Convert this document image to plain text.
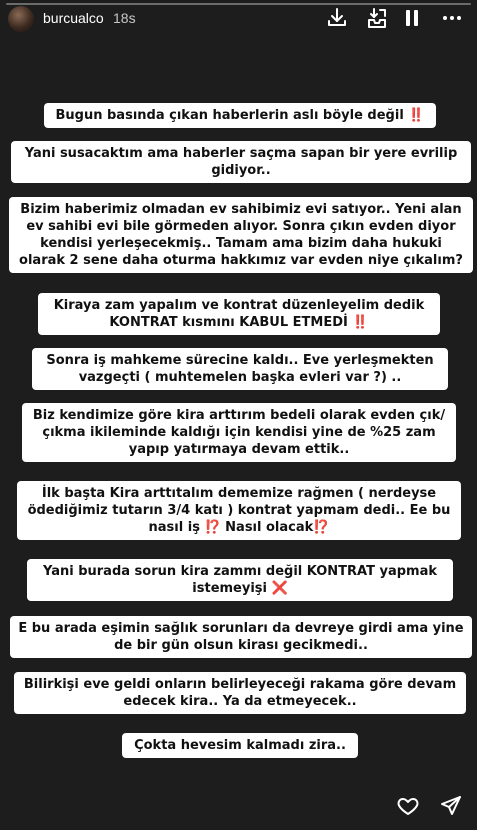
burcualco 18s
Bugun basında çıkan haberlerin aslı böyle değil ‼️
Yani susacaktım ama haberler saçma sapan bir yere evrilip
gidiyor..
Bizim haberimiz olmadan ev sahibimiz evi satıyor.. Yeni alan
ev sahibi evi bile görmeden alıyor. Sonra çıkın evden diyor
kendisi yerleşecekmiş.. Tamam ama bizim daha hukuki
olarak 2 sene daha oturma hakkımız var evden niye çıkalım?
Kiraya zam yapalım ve kontrat düzenleyelim dedik
KONTRAT kısmını KABUL ETMEDİ ‼️
Sonra iş mahkeme sürecine kaldı.. Eve yerleşmekten
vazgeçti ( muhtemelen başka evleri var ?) ..
Biz kendimize göre kira arttırım bedeli olarak evden çık/
çıkma ikileminde kaldığı için kendisi yine de %25 zam
yapıp yatırmaya devam ettik..
İlk başta Kira arttıtalım dememize rağmen ( nerdeyse
ödediğimiz tutarın 3/4 katı ) kontrat yapmam dedi.. Ee bu
nasıl iş ⁉️ Nasıl olacak⁉️
Yani burada sorun kira zammı değil KONTRAT yapmak
istemeyişi ❌
E bu arada eşimin sağlık sorunları da devreye girdi ama yine
de bir gün olsun kirası gecikmedi..
Bilirkişi eve geldi onların belirleyeceği rakama göre devam
edecek kira.. Ya da etmeyecek..
Çokta hevesim kalmadı zira..
